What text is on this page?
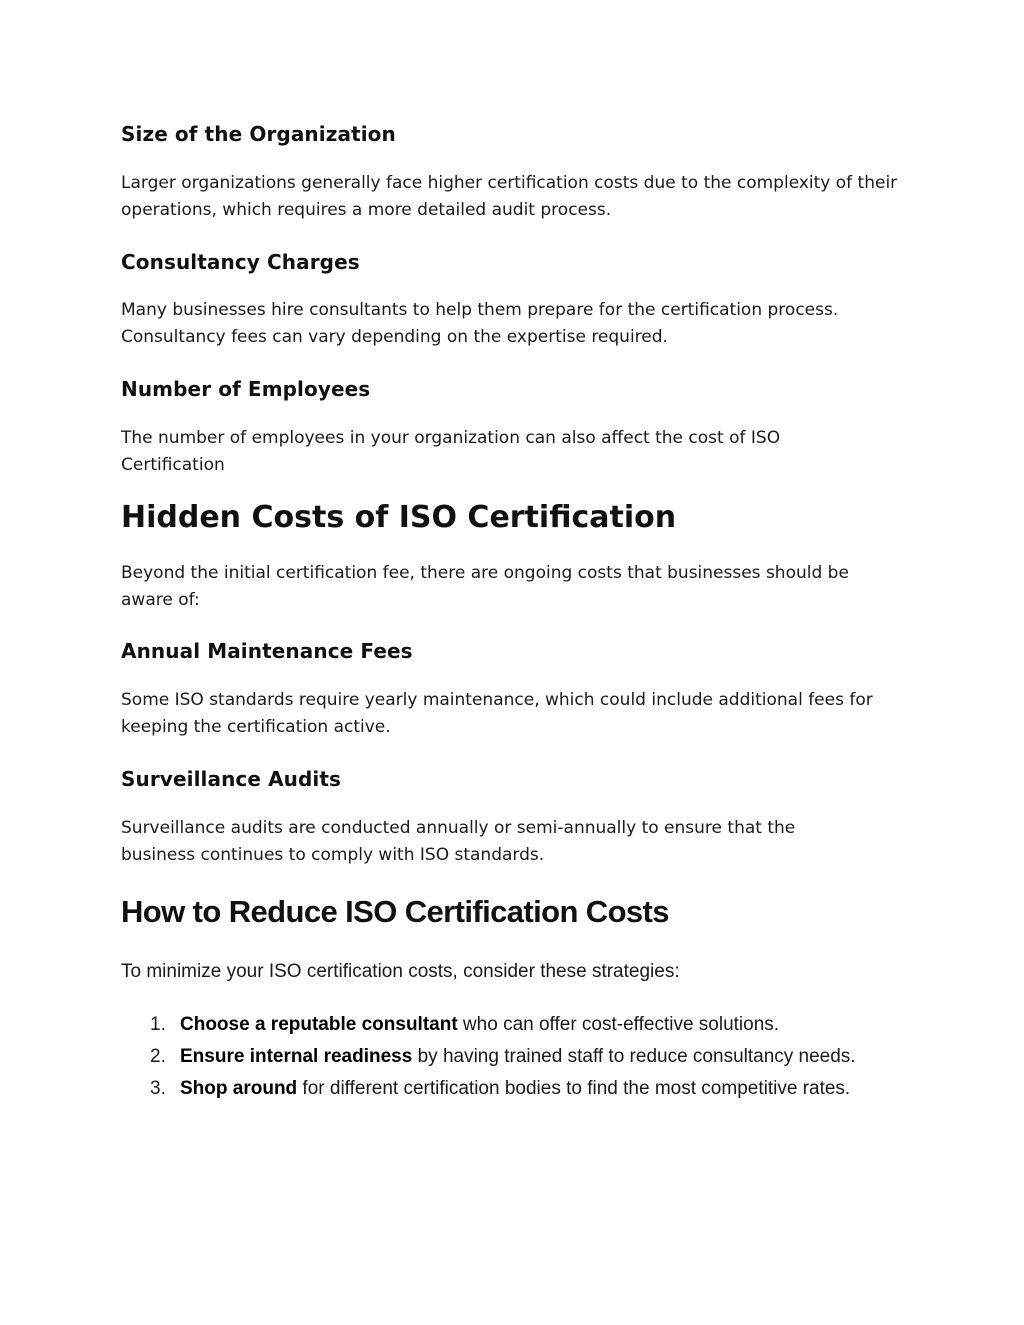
Size of the Organization

Larger organizations generally face higher certification costs due to the complexity of their operations, which requires a more detailed audit process.

Consultancy Charges

Many businesses hire consultants to help them prepare for the certification process. Consultancy fees can vary depending on the expertise required.

Number of Employees

The number of employees in your organization can also affect the cost of ISO Certification

Hidden Costs of ISO Certification

Beyond the initial certification fee, there are ongoing costs that businesses should be aware of:

Annual Maintenance Fees

Some ISO standards require yearly maintenance, which could include additional fees for keeping the certification active.

Surveillance Audits

Surveillance audits are conducted annually or semi-annually to ensure that the business continues to comply with ISO standards.

How to Reduce ISO Certification Costs

To minimize your ISO certification costs, consider these strategies:

1. Choose a reputable consultant who can offer cost-effective solutions.
2. Ensure internal readiness by having trained staff to reduce consultancy needs.
3. Shop around for different certification bodies to find the most competitive rates.
